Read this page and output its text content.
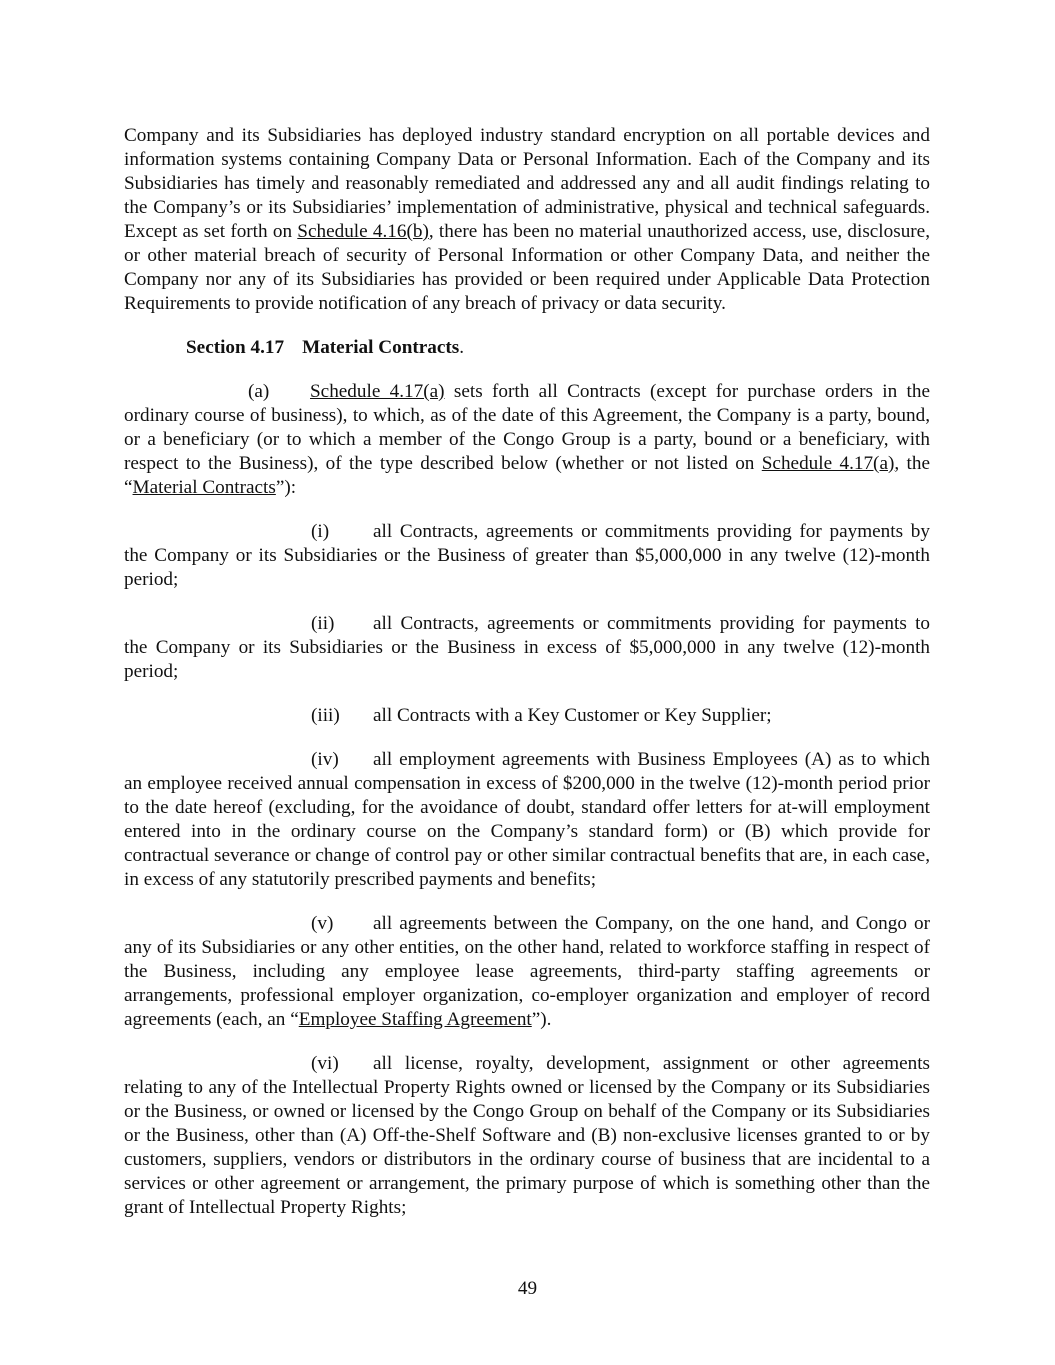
Company and its Subsidiaries has deployed industry standard encryption on all portable devices and information systems containing Company Data or Personal Information. Each of the Company and its Subsidiaries has timely and reasonably remediated and addressed any and all audit findings relating to the Company’s or its Subsidiaries’ implementation of administrative, physical and technical safeguards. Except as set forth on Schedule 4.16(b), there has been no material unauthorized access, use, disclosure, or other material breach of security of Personal Information or other Company Data, and neither the Company nor any of its Subsidiaries has provided or been required under Applicable Data Protection Requirements to provide notification of any breach of privacy or data security.

Section 4.17 Material Contracts.

(a) Schedule 4.17(a) sets forth all Contracts (except for purchase orders in the ordinary course of business), to which, as of the date of this Agreement, the Company is a party, bound, or a beneficiary (or to which a member of the Congo Group is a party, bound or a beneficiary, with respect to the Business), of the type described below (whether or not listed on Schedule 4.17(a), the “Material Contracts”):

(i) all Contracts, agreements or commitments providing for payments by the Company or its Subsidiaries or the Business of greater than $5,000,000 in any twelve (12)-month period;

(ii) all Contracts, agreements or commitments providing for payments to the Company or its Subsidiaries or the Business in excess of $5,000,000 in any twelve (12)-month period;

(iii) all Contracts with a Key Customer or Key Supplier;

(iv) all employment agreements with Business Employees (A) as to which an employee received annual compensation in excess of $200,000 in the twelve (12)-month period prior to the date hereof (excluding, for the avoidance of doubt, standard offer letters for at-will employment entered into in the ordinary course on the Company’s standard form) or (B) which provide for contractual severance or change of control pay or other similar contractual benefits that are, in each case, in excess of any statutorily prescribed payments and benefits;

(v) all agreements between the Company, on the one hand, and Congo or any of its Subsidiaries or any other entities, on the other hand, related to workforce staffing in respect of the Business, including any employee lease agreements, third-party staffing agreements or arrangements, professional employer organization, co-employer organization and employer of record agreements (each, an “Employee Staffing Agreement”).

(vi) all license, royalty, development, assignment or other agreements relating to any of the Intellectual Property Rights owned or licensed by the Company or its Subsidiaries or the Business, or owned or licensed by the Congo Group on behalf of the Company or its Subsidiaries or the Business, other than (A) Off-the-Shelf Software and (B) non-exclusive licenses granted to or by customers, suppliers, vendors or distributors in the ordinary course of business that are incidental to a services or other agreement or arrangement, the primary purpose of which is something other than the grant of Intellectual Property Rights;

49
